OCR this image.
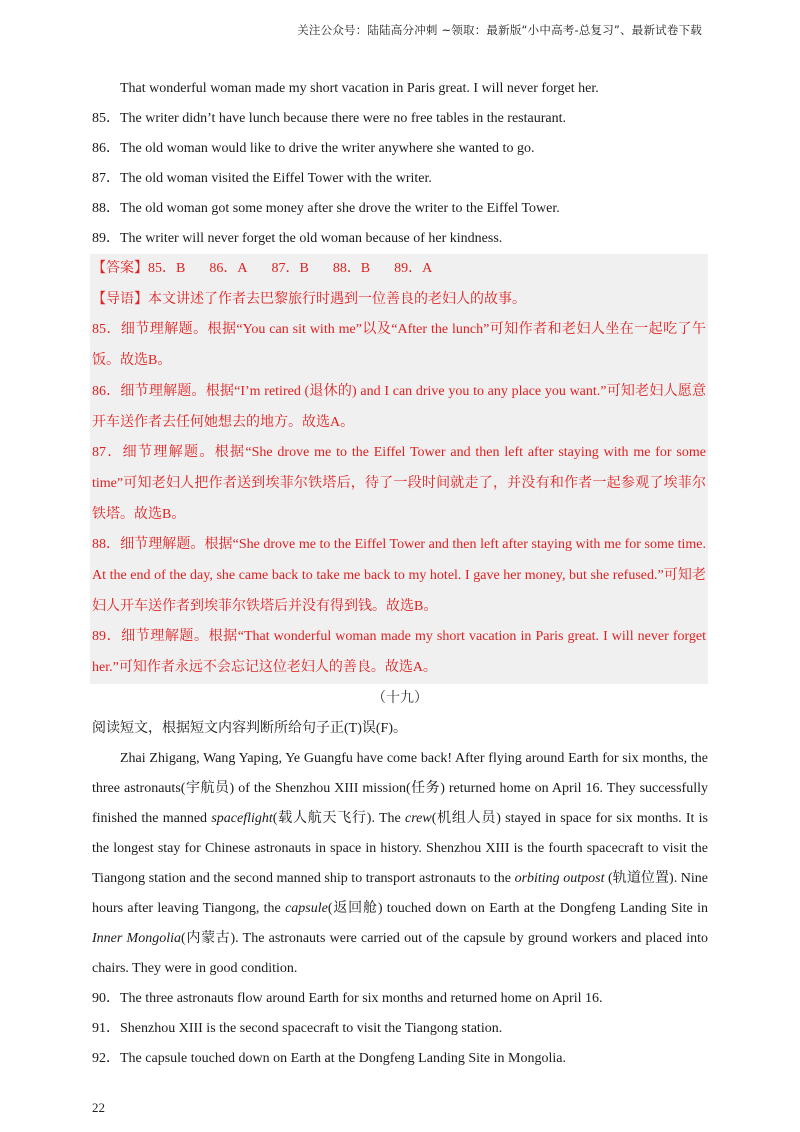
关注公众号：陆陆高分冲刺 ~领取：最新版“小中高考-总复习”、最新试卷下载

That wonderful woman made my short vacation in Paris great. I will never forget her.

85．The writer didn’t have lunch because there were no free tables in the restaurant.

86．The old woman would like to drive the writer anywhere she wanted to go.

87．The old woman visited the Eiffel Tower with the writer.

88．The old woman got some money after she drove the writer to the Eiffel Tower.

89．The writer will never forget the old woman because of her kindness.

【答案】85．B 86．A 87．B 88．B 89．A

【导语】本文讲述了作者去巴黎旅行时遇到一位善良的老妇人的故事。

85．细节理解题。根据“You can sit with me”以及“After the lunch”可知作者和老妇人坐在一起吃了午饭。故选B。

86．细节理解题。根据“I’m retired (退休的) and I can drive you to any place you want.”可知老妇人愿意开车送作者去任何她想去的地方。故选A。

87．细节理解题。根据“She drove me to the Eiffel Tower and then left after staying with me for some time”可知老妇人把作者送到埃菲尔铁塔后，待了一段时间就走了，并没有和作者一起参观了埃菲尔铁塔。故选B。

88．细节理解题。根据“She drove me to the Eiffel Tower and then left after staying with me for some time. At the end of the day, she came back to take me back to my hotel. I gave her money, but she refused.”可知老妇人开车送作者到埃菲尔铁塔后并没有得到钱。故选B。

89．细节理解题。根据“That wonderful woman made my short vacation in Paris great. I will never forget her.”可知作者永远不会忘记这位老妇人的善良。故选A。

（十九）

阅读短文，根据短文内容判断所给句子正(T)误(F)。

Zhai Zhigang, Wang Yaping, Ye Guangfu have come back! After flying around Earth for six months, the three astronauts(宇航员) of the Shenzhou XIII mission(任务) returned home on April 16. They successfully finished the manned spaceflight(载人航天飞行). The crew(机组人员) stayed in space for six months. It is the longest stay for Chinese astronauts in space in history. Shenzhou XIII is the fourth spacecraft to visit the Tiangong station and the second manned ship to transport astronauts to the orbiting outpost (轨道位置). Nine hours after leaving Tiangong, the capsule(返回舱) touched down on Earth at the Dongfeng Landing Site in Inner Mongolia(内蒙古). The astronauts were carried out of the capsule by ground workers and placed into chairs. They were in good condition.

90．The three astronauts flow around Earth for six months and returned home on April 16.

91．Shenzhou XIII is the second spacecraft to visit the Tiangong station.

92．The capsule touched down on Earth at the Dongfeng Landing Site in Mongolia.

22
